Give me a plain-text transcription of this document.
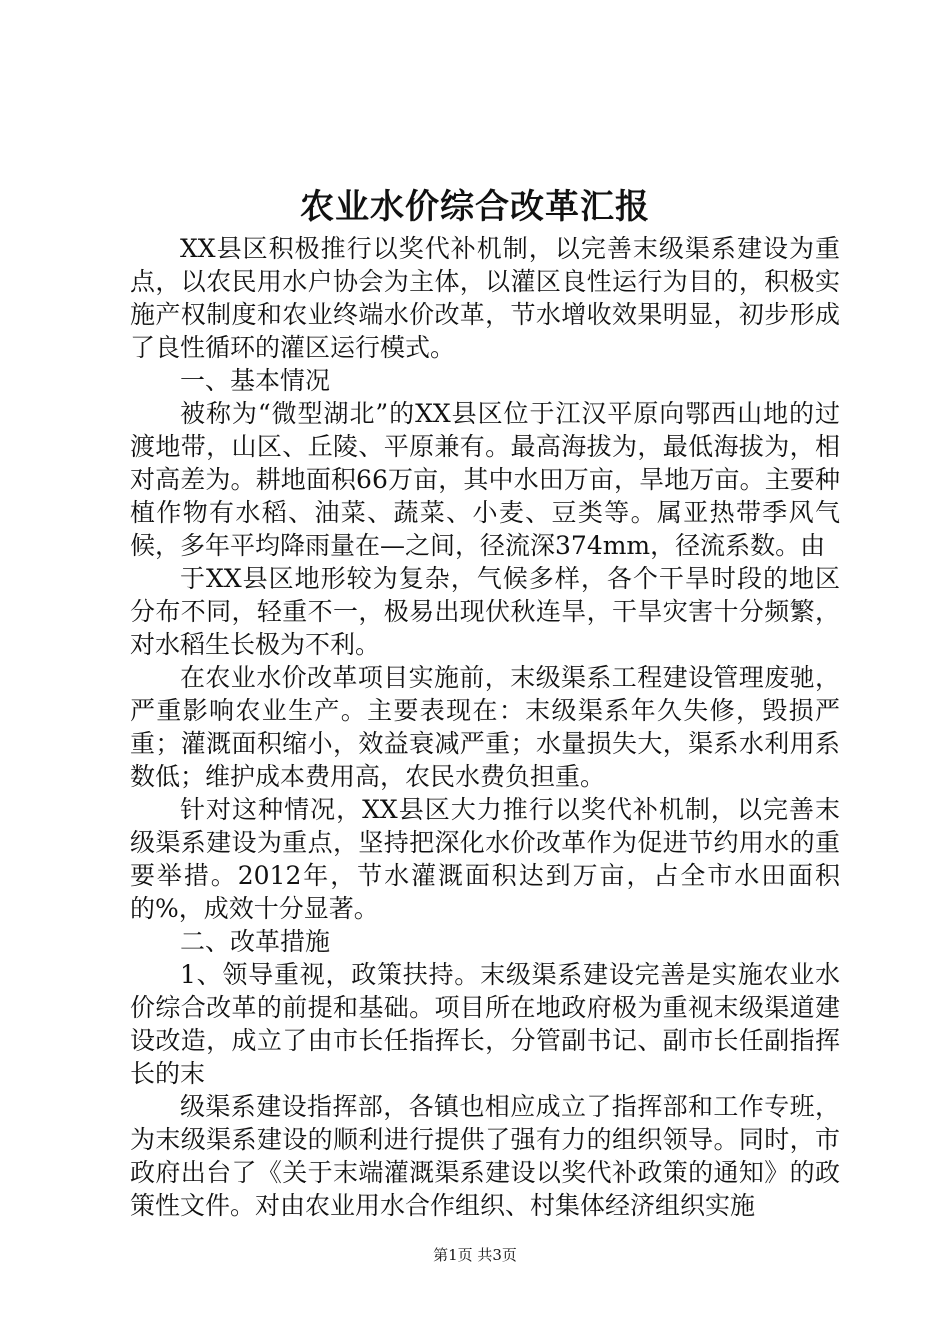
农业水价综合改革汇报

XX县区积极推行以奖代补机制，以完善末级渠系建设为重点，以农民用水户协会为主体，以灌区良性运行为目的，积极实施产权制度和农业终端水价改革，节水增收效果明显，初步形成了良性循环的灌区运行模式。

一、基本情况

被称为“微型湖北”的XX县区位于江汉平原向鄂西山地的过渡地带，山区、丘陵、平原兼有。最高海拔为，最低海拔为，相对高差为。耕地面积66万亩，其中水田万亩，旱地万亩。主要种植作物有水稻、油菜、蔬菜、小麦、豆类等。属亚热带季风气候，多年平均降雨量在—之间，径流深374mm，径流系数。由

于XX县区地形较为复杂，气候多样，各个干旱时段的地区分布不同，轻重不一，极易出现伏秋连旱，干旱灾害十分频繁，对水稻生长极为不利。

在农业水价改革项目实施前，末级渠系工程建设管理废驰，严重影响农业生产。主要表现在：末级渠系年久失修，毁损严重；灌溉面积缩小，效益衰减严重；水量损失大，渠系水利用系数低；维护成本费用高，农民水费负担重。

针对这种情况，XX县区大力推行以奖代补机制，以完善末级渠系建设为重点，坚持把深化水价改革作为促进节约用水的重要举措。2012年，节水灌溉面积达到万亩，占全市水田面积的%，成效十分显著。

二、改革措施

1、领导重视，政策扶持。末级渠系建设完善是实施农业水价综合改革的前提和基础。项目所在地政府极为重视末级渠道建设改造，成立了由市长任指挥长，分管副书记、副市长任副指挥长的末

级渠系建设指挥部，各镇也相应成立了指挥部和工作专班，为末级渠系建设的顺利进行提供了强有力的组织领导。同时，市政府出台了《关于末端灌溉渠系建设以奖代补政策的通知》的政策性文件。对由农业用水合作组织、村集体经济组织实施

第1页 共3页
